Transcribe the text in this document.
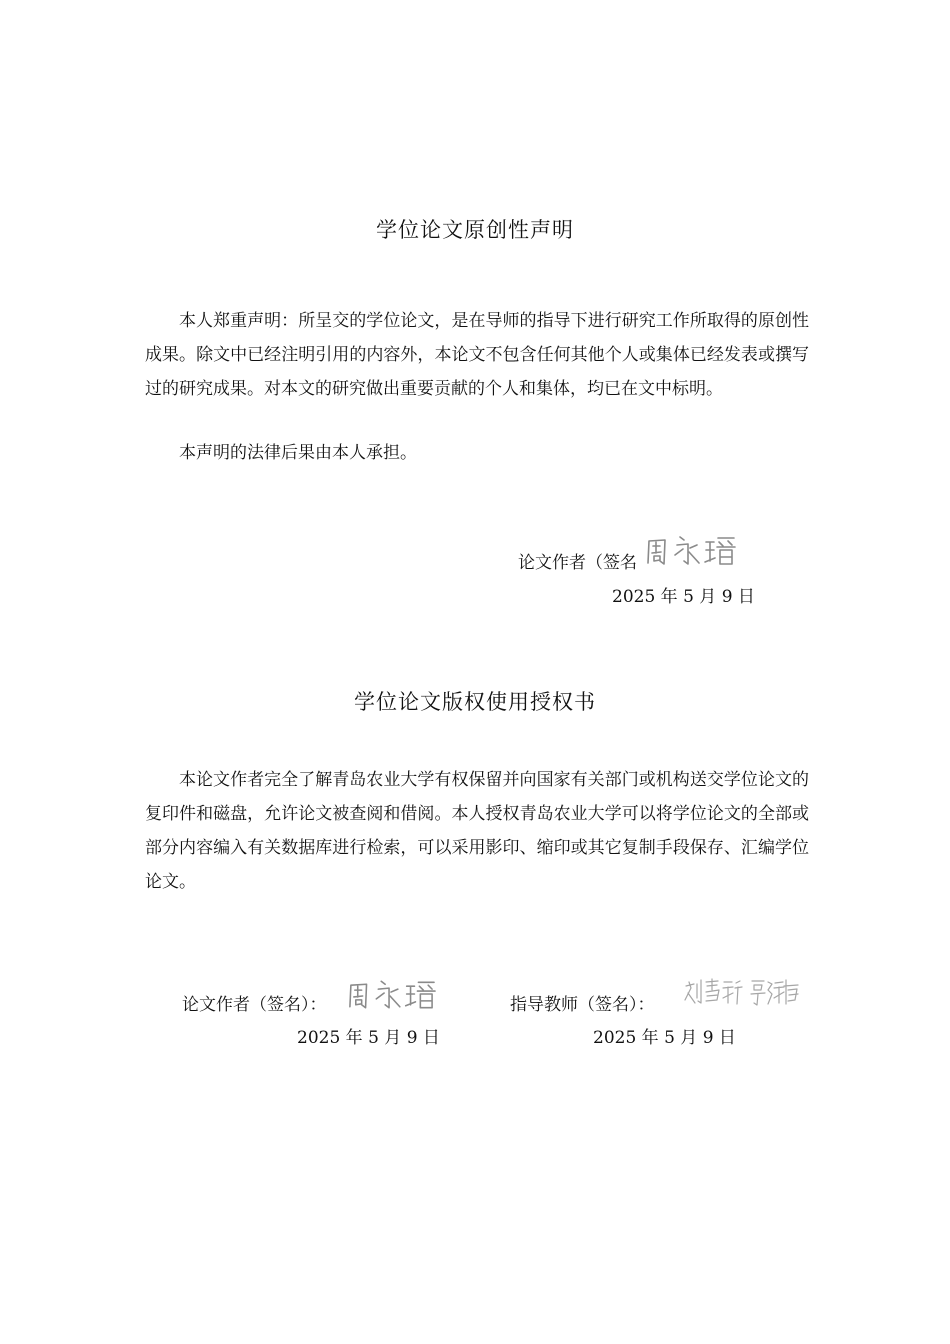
学位论文原创性声明

本人郑重声明：所呈交的学位论文，是在导师的指导下进行研究工作所取得的原创性成果。除文中已经注明引用的内容外，本论文不包含任何其他个人或集体已经发表或撰写过的研究成果。对本文的研究做出重要贡献的个人和集体，均已在文中标明。

本声明的法律后果由本人承担。

论文作者（签名
2025 年 5 月 9 日
学位论文版权使用授权书

本论文作者完全了解青岛农业大学有权保留并向国家有关部门或机构送交学位论文的复印件和磁盘，允许论文被查阅和借阅。本人授权青岛农业大学可以将学位论文的全部或部分内容编入有关数据库进行检索，可以采用影印、缩印或其它复制手段保存、汇编学位论文。

论文作者（签名）：	指导教师（签名）：
2025 年 5 月 9 日	2025 年 5 月 9 日
